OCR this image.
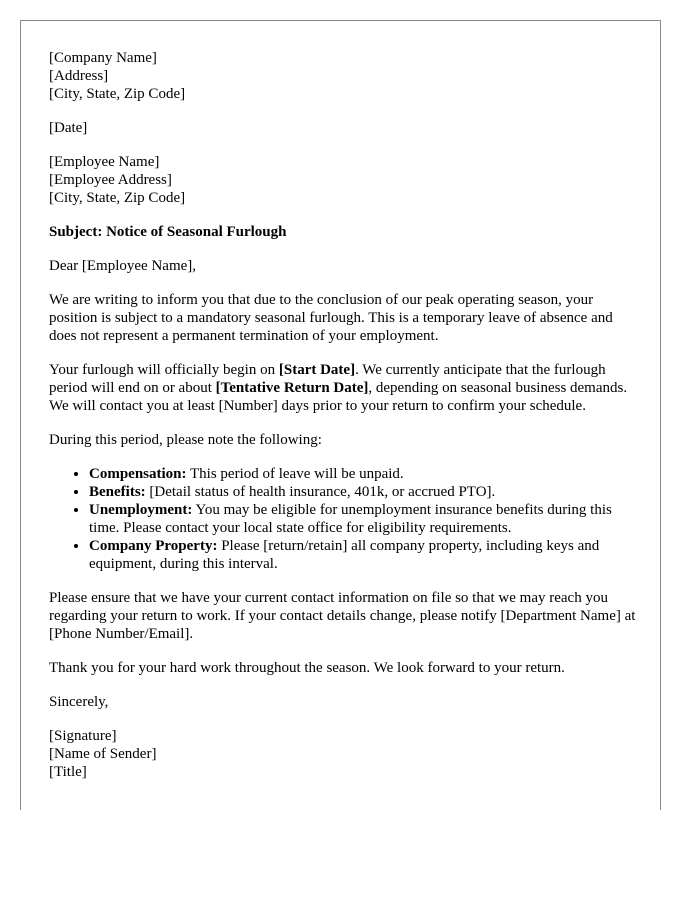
[Company Name]
[Address]
[City, State, Zip Code]
[Date]
[Employee Name]
[Employee Address]
[City, State, Zip Code]

Subject: Notice of Seasonal Furlough

Dear [Employee Name],

We are writing to inform you that due to the conclusion of our peak operating season, your position is subject to a mandatory seasonal furlough. This is a temporary leave of absence and does not represent a permanent termination of your employment.

Your furlough will officially begin on [Start Date]. We currently anticipate that the furlough period will end on or about [Tentative Return Date], depending on seasonal business demands. We will contact you at least [Number] days prior to your return to confirm your schedule.

During this period, please note the following:

• Compensation: This period of leave will be unpaid.
• Benefits: [Detail status of health insurance, 401k, or accrued PTO].
• Unemployment: You may be eligible for unemployment insurance benefits during this time. Please contact your local state office for eligibility requirements.
• Company Property: Please [return/retain] all company property, including keys and equipment, during this interval.

Please ensure that we have your current contact information on file so that we may reach you regarding your return to work. If your contact details change, please notify [Department Name] at [Phone Number/Email].

Thank you for your hard work throughout the season. We look forward to your return.

Sincerely,

[Signature]
[Name of Sender]
[Title]
